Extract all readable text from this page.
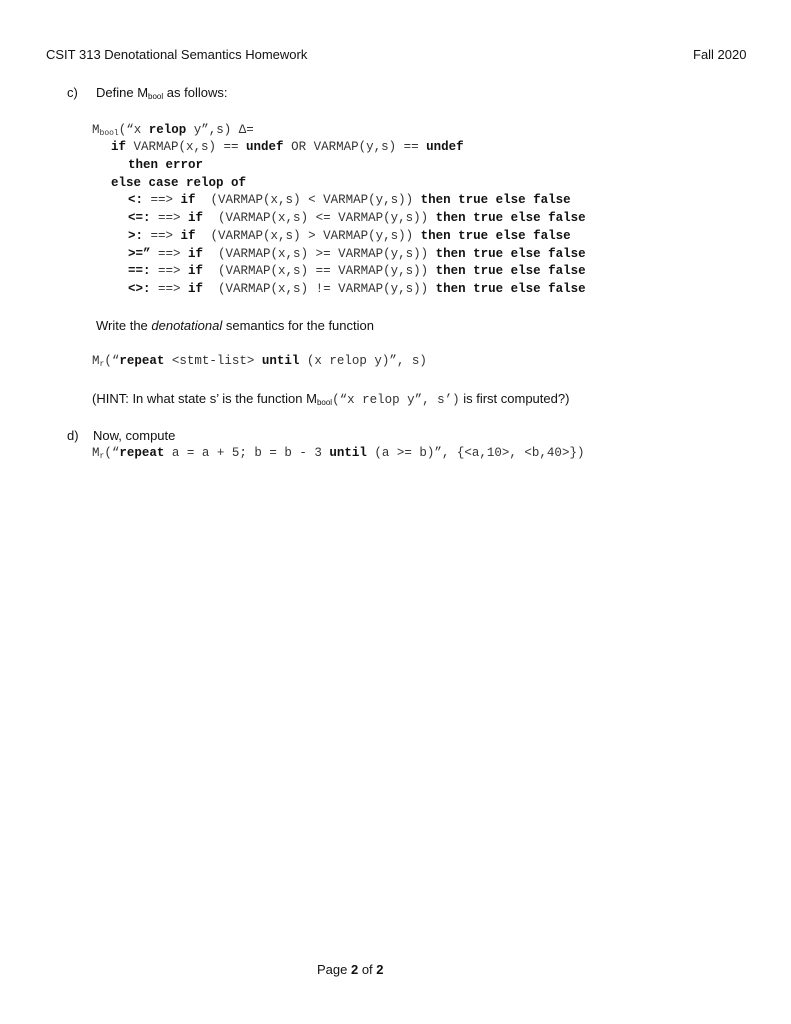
CSIT 313 Denotational Semantics Homework	Fall 2020
c) Define $M_{bool}$ as follows:
$M_{bool}(“x$ relop y”,s) Δ=
if VARMAP(x,s) == undef OR VARMAP(y,s) == undef
then error
else case relop of
<: ==> if  (VARMAP(x,s) < VARMAP(y,s)) then true else false
<=: ==> if  (VARMAP(x,s) <= VARMAP(y,s)) then true else false
>: ==> if  (VARMAP(x,s) > VARMAP(y,s)) then true else false
>=” ==> if  (VARMAP(x,s) >= VARMAP(y,s)) then true else false
==: ==> if  (VARMAP(x,s) == VARMAP(y,s)) then true else false
<>: ==> if  (VARMAP(x,s) != VARMAP(y,s)) then true else false
Write the denotational semantics for the function
$M_r(“repeat$ <stmt-list> until (x relop y)”, s)
(HINT: In what state s’ is the function $M_{bool}(“x$ relop y”, s’) is first computed?)
d) Now, compute
$M_r(“repeat$ a = a + 5; b = b - 3 until (a >= b)”, {<a,10>, <b,40>})
Page 2 of 2
